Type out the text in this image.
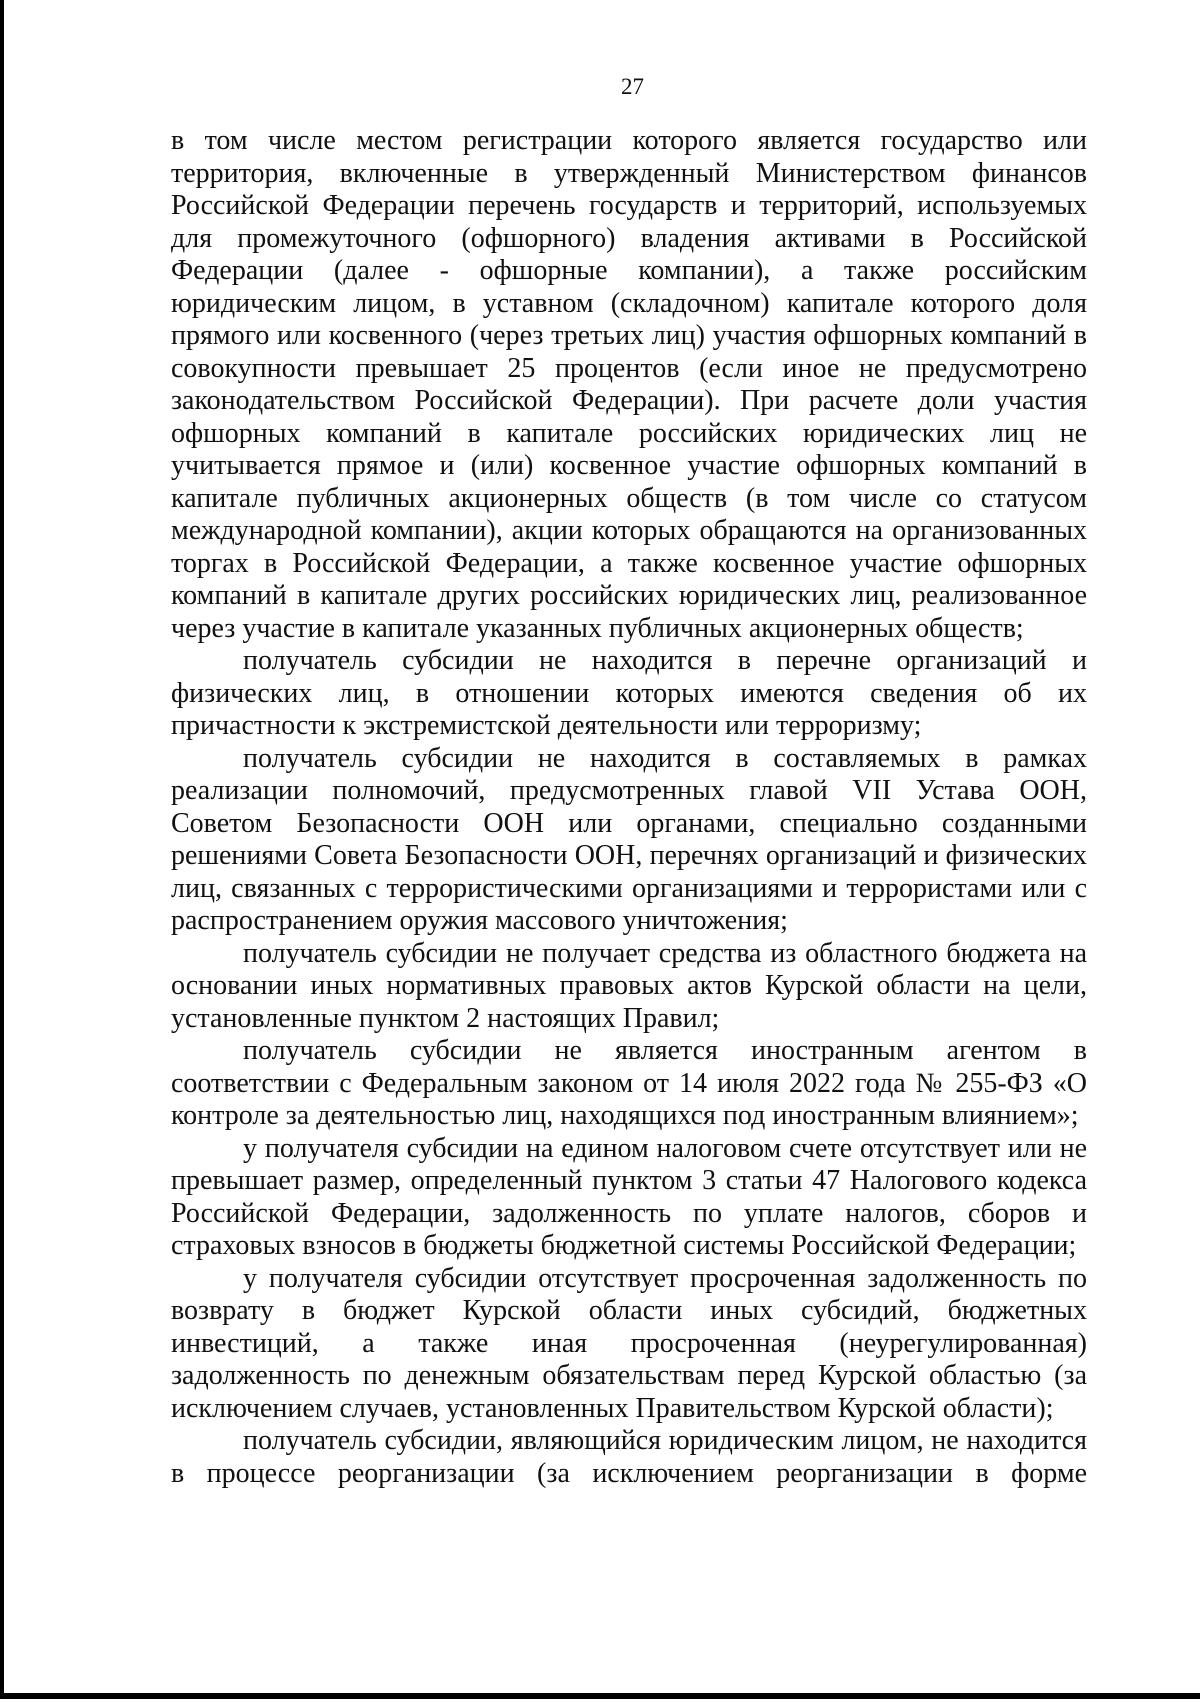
27

в том числе местом регистрации которого является государство или территория, включенные в утвержденный Министерством финансов Российской Федерации перечень государств и территорий, используемых для промежуточного (офшорного) владения активами в Российской Федерации (далее - офшорные компании), а также российским юридическим лицом, в уставном (складочном) капитале которого доля прямого или косвенного (через третьих лиц) участия офшорных компаний в совокупности превышает 25 процентов (если иное не предусмотрено законодательством Российской Федерации). При расчете доли участия офшорных компаний в капитале российских юридических лиц не учитывается прямое и (или) косвенное участие офшорных компаний в капитале публичных акционерных обществ (в том числе со статусом международной компании), акции которых обращаются на организованных торгах в Российской Федерации, а также косвенное участие офшорных компаний в капитале других российских юридических лиц, реализованное через участие в капитале указанных публичных акционерных обществ;

получатель субсидии не находится в перечне организаций и физических лиц, в отношении которых имеются сведения об их причастности к экстремистской деятельности или терроризму;

получатель субсидии не находится в составляемых в рамках реализации полномочий, предусмотренных главой VII Устава ООН, Советом Безопасности ООН или органами, специально созданными решениями Совета Безопасности ООН, перечнях организаций и физических лиц, связанных с террористическими организациями и террористами или с распространением оружия массового уничтожения;

получатель субсидии не получает средства из областного бюджета на основании иных нормативных правовых актов Курской области на цели, установленные пунктом 2 настоящих Правил;

получатель субсидии не является иностранным агентом в соответствии с Федеральным законом от 14 июля 2022 года № 255-ФЗ «О контроле за деятельностью лиц, находящихся под иностранным влиянием»;

у получателя субсидии на едином налоговом счете отсутствует или не превышает размер, определенный пунктом 3 статьи 47 Налогового кодекса Российской Федерации, задолженность по уплате налогов, сборов и страховых взносов в бюджеты бюджетной системы Российской Федерации;

у получателя субсидии отсутствует просроченная задолженность по возврату в бюджет Курской области иных субсидий, бюджетных инвестиций, а также иная просроченная (неурегулированная) задолженность по денежным обязательствам перед Курской областью (за исключением случаев, установленных Правительством Курской области);

получатель субсидии, являющийся юридическим лицом, не находится в процессе реорганизации (за исключением реорганизации в форме
